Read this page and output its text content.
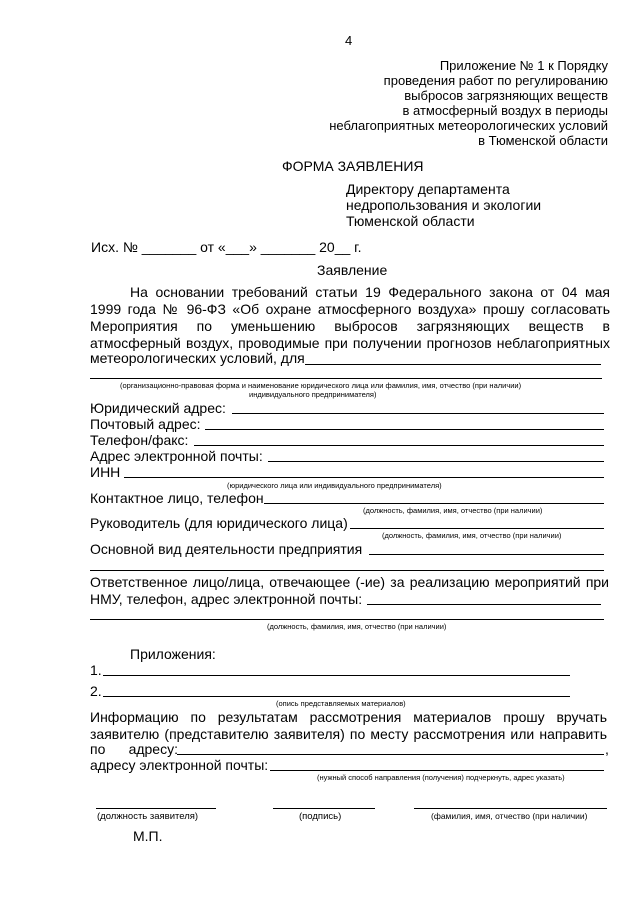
4
Приложение № 1 к Порядку
проведения работ по регулированию
выбросов загрязняющих веществ
в атмосферный воздух в периоды
неблагоприятных метеорологических условий
в Тюменской области
ФОРМА ЗАЯВЛЕНИЯ
Директору департамента
недропользования и экологии
Тюменской области
Исх. № _______ от «___» _______ 20__ г.
Заявление
На основании требований статьи 19 Федерального закона от 04 мая
1999 года № 96-ФЗ «Об охране атмосферного воздуха» прошу согласовать
Мероприятия по уменьшению выбросов загрязняющих веществ в
атмосферный воздух, проводимые при получении прогнозов неблагоприятных
метеорологических условий, для
(организационно-правовая форма и наименование юридического лица или фамилия, имя, отчество (при наличии)
индивидуального предпринимателя)
Юридический адрес:
Почтовый адрес:
Телефон/факс:
Адрес электронной почты:
ИНН
(юридического лица или индивидуального предпринимателя)
Контактное лицо, телефон
(должность, фамилия, имя, отчество (при наличии)
Руководитель (для юридического лица)
(должность, фамилия, имя, отчество (при наличии)
Основной вид деятельности предприятия
Ответственное лицо/лица, отвечающее (-ие) за реализацию мероприятий при
НМУ, телефон, адрес электронной почты:
(должность, фамилия, имя, отчество (при наличии)
Приложения:
1.
2.
(опись представляемых материалов)
Информацию по результатам рассмотрения материалов прошу вручать
заявителю (представителю заявителя) по месту рассмотрения или направить
по адресу:	,
адресу электронной почты:
(нужный способ направления (получения) подчеркнуть, адрес указать)
(должность заявителя)	(подпись)	(фамилия, имя, отчество (при наличии)
М.П.
